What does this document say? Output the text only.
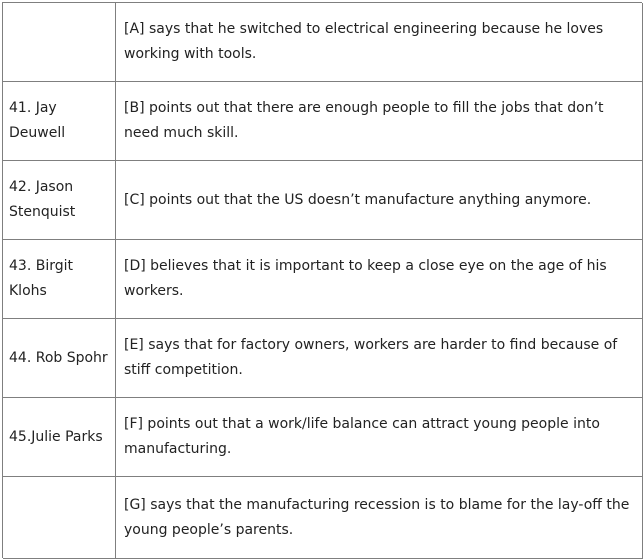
[A] says that he switched to electrical engineering because he loves working with tools.
41. Jay Deuwell
[B] points out that there are enough people to fill the jobs that don’t need much skill.
42. Jason Stenquist
[C] points out that the US doesn’t manufacture anything anymore.
43. Birgit Klohs
[D] believes that it is important to keep a close eye on the age of his workers.
44. Rob Spohr
[E] says that for factory owners, workers are harder to find because of stiff competition.
45.Julie Parks
[F] points out that a work/life balance can attract young people into manufacturing.
[G] says that the manufacturing recession is to blame for the lay-off the young people’s parents.
